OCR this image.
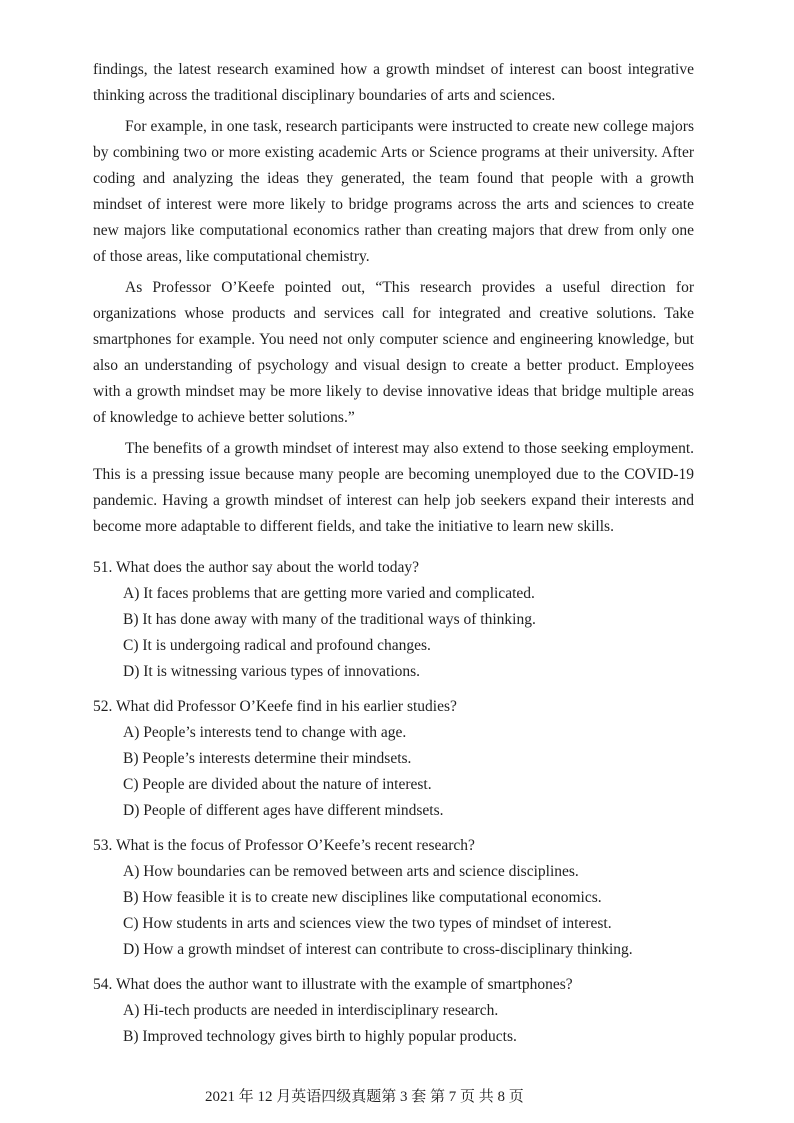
findings, the latest research examined how a growth mindset of interest can boost integrative thinking across the traditional disciplinary boundaries of arts and sciences.

For example, in one task, research participants were instructed to create new college majors by combining two or more existing academic Arts or Science programs at their university. After coding and analyzing the ideas they generated, the team found that people with a growth mindset of interest were more likely to bridge programs across the arts and sciences to create new majors like computational economics rather than creating majors that drew from only one of those areas, like computational chemistry.

As Professor O’Keefe pointed out, “This research provides a useful direction for organizations whose products and services call for integrated and creative solutions. Take smartphones for example. You need not only computer science and engineering knowledge, but also an understanding of psychology and visual design to create a better product. Employees with a growth mindset may be more likely to devise innovative ideas that bridge multiple areas of knowledge to achieve better solutions.”

The benefits of a growth mindset of interest may also extend to those seeking employment. This is a pressing issue because many people are becoming unemployed due to the COVID-19 pandemic. Having a growth mindset of interest can help job seekers expand their interests and become more adaptable to different fields, and take the initiative to learn new skills.

51. What does the author say about the world today?
A) It faces problems that are getting more varied and complicated.
B) It has done away with many of the traditional ways of thinking.
C) It is undergoing radical and profound changes.
D) It is witnessing various types of innovations.
52. What did Professor O’Keefe find in his earlier studies?
A) People’s interests tend to change with age.
B) People’s interests determine their mindsets.
C) People are divided about the nature of interest.
D) People of different ages have different mindsets.
53. What is the focus of Professor O’Keefe’s recent research?
A) How boundaries can be removed between arts and science disciplines.
B) How feasible it is to create new disciplines like computational economics.
C) How students in arts and sciences view the two types of mindset of interest.
D) How a growth mindset of interest can contribute to cross-disciplinary thinking.
54. What does the author want to illustrate with the example of smartphones?
A) Hi-tech products are needed in interdisciplinary research.
B) Improved technology gives birth to highly popular products.
2021 年 12 月英语四级真题第 3 套 第 7 页 共 8 页
